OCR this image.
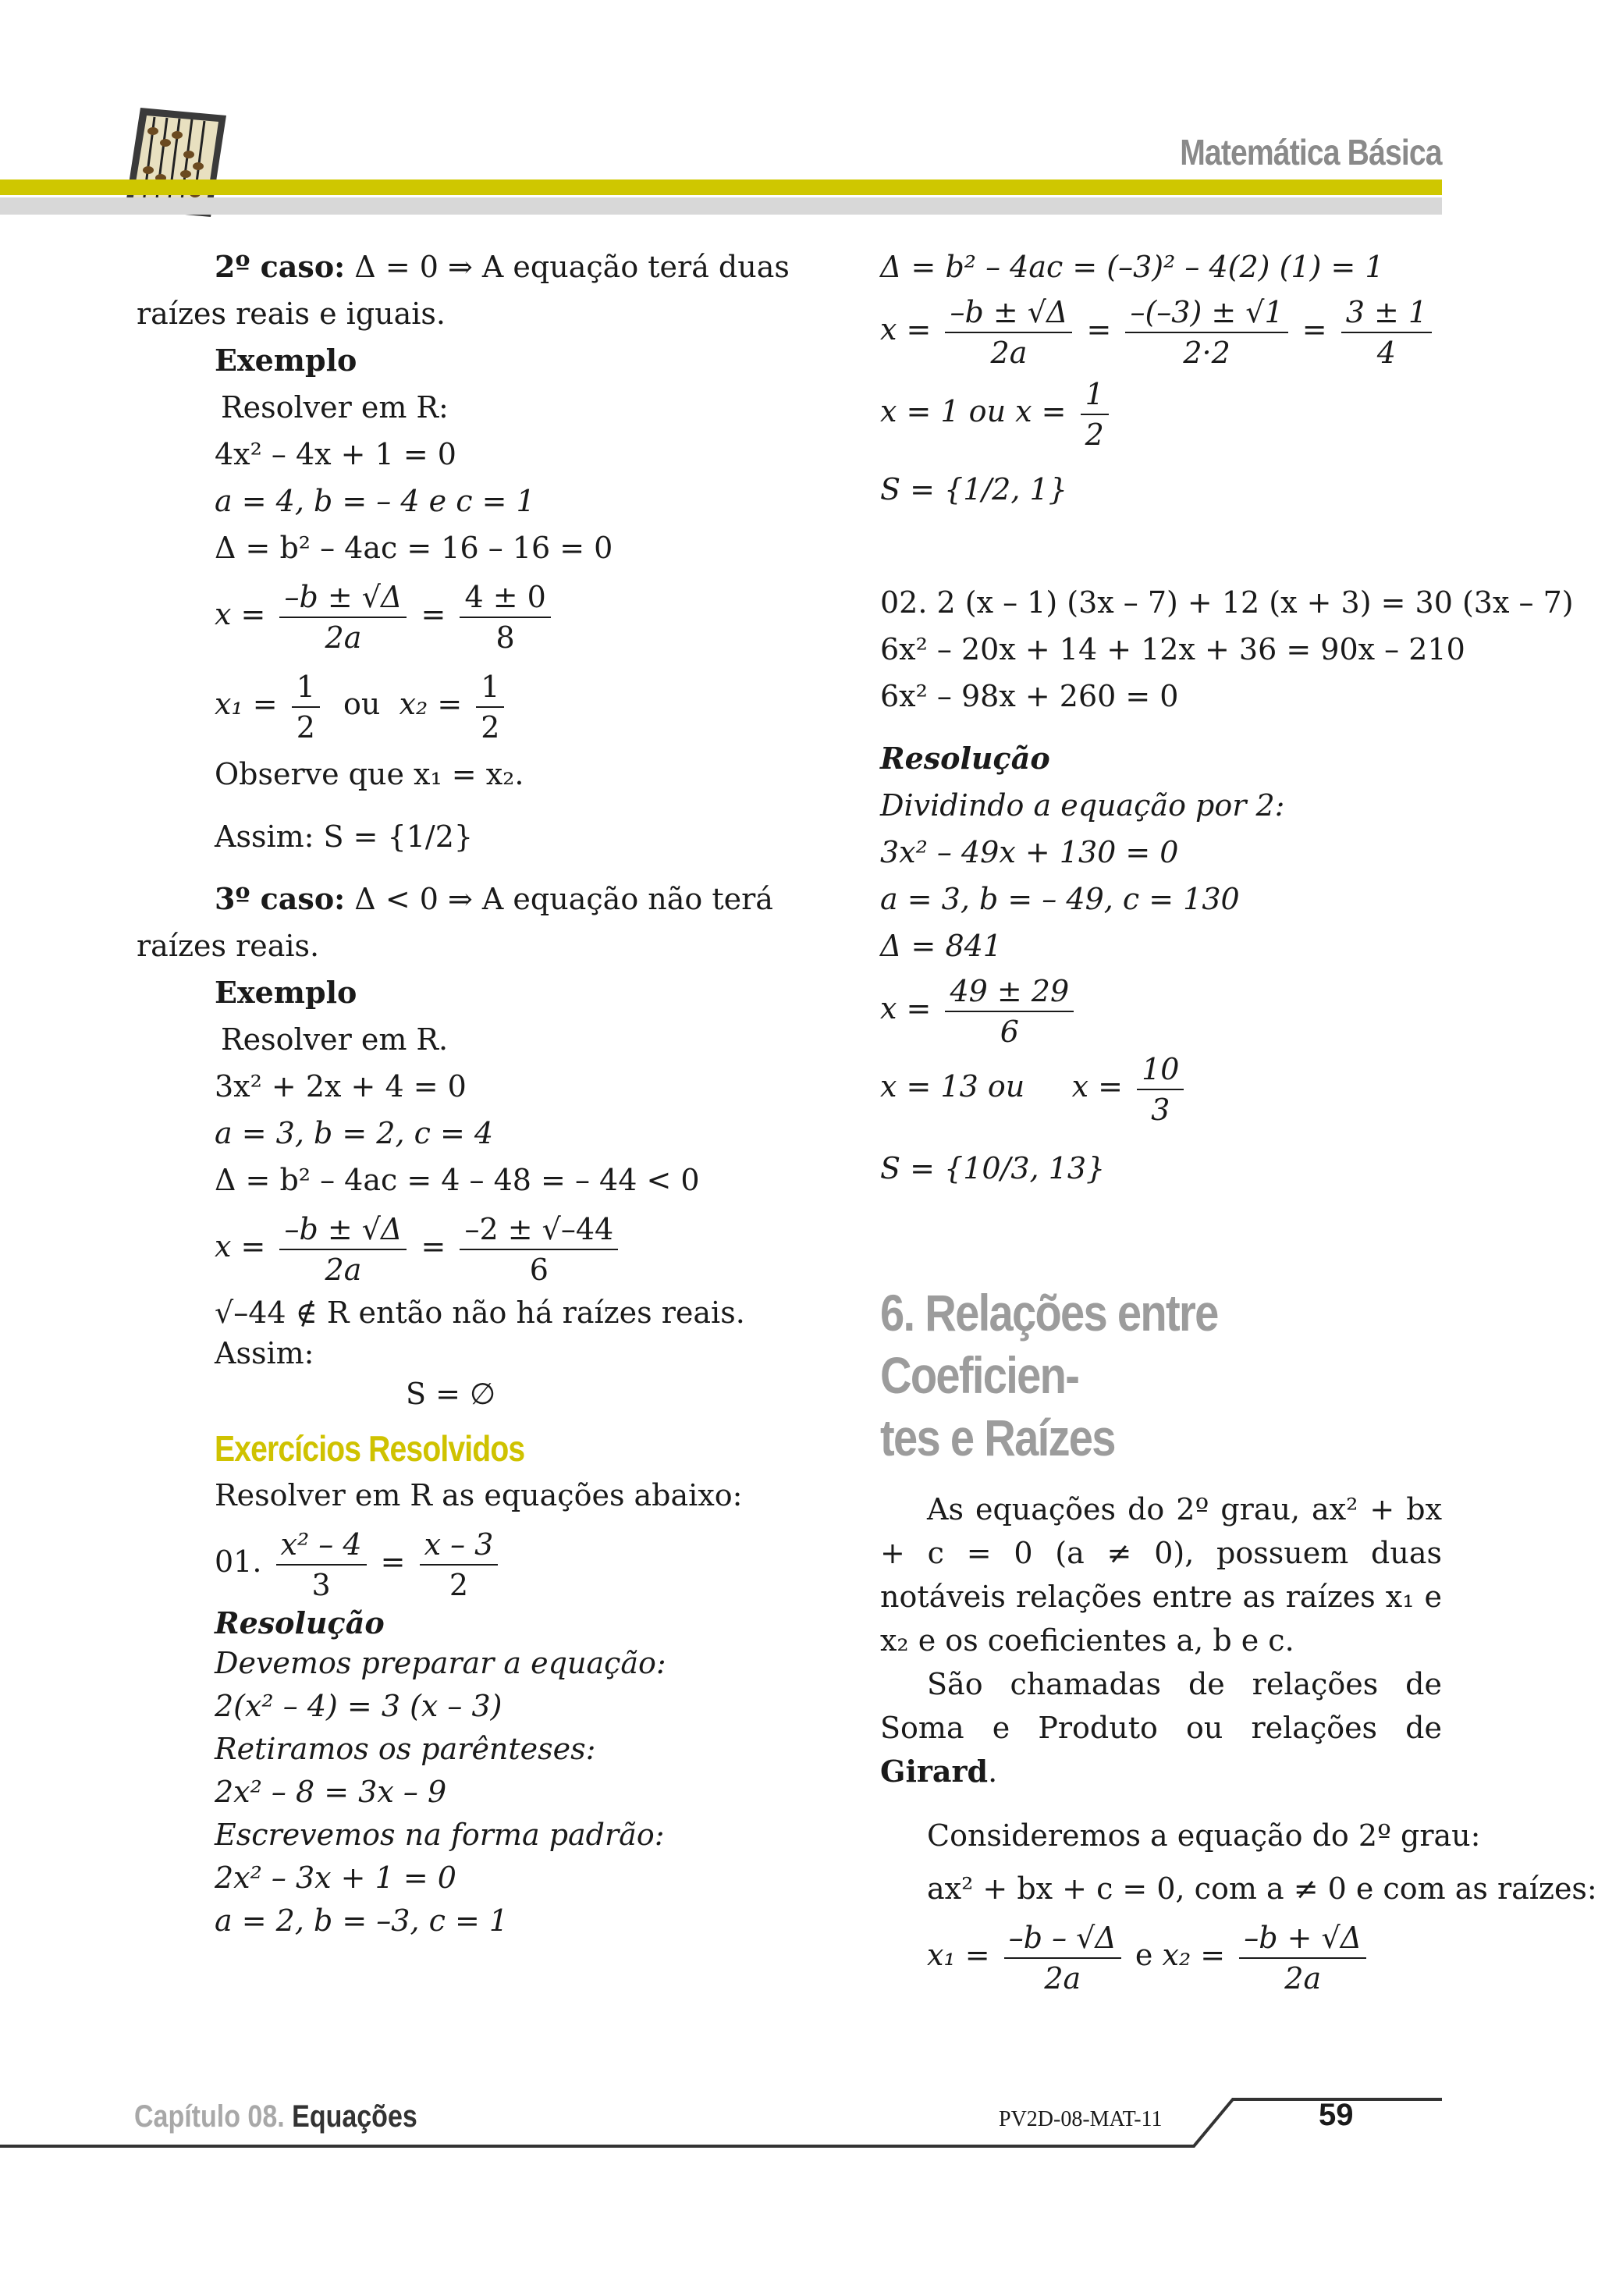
Matemática Básica

2º caso: Δ = 0 ⇒ A equação terá duas

raízes reais e iguais.

Exemplo

Resolver em R:

4x² – 4x + 1 = 0

a = 4, b = – 4 e c = 1

Δ = b² – 4ac = 16 – 16 = 0

$x = \frac{-b \pm √\Delta}{2a} = \frac{4 \pm 0}{8}$

$x_1 = \frac{1}{2}$ ou $x_2 = \frac{1}{2}$

Observe que x₁ = x₂.

Assim: S = {1/2}

3º caso: Δ < 0 ⇒ A equação não terá

raízes reais.

Exemplo

Resolver em R.

3x² + 2x + 4 = 0

a = 3, b = 2, c = 4

Δ = b² – 4ac = 4 – 48 = – 44 < 0

$x = \frac{-b \pm √\Delta}{2a} = \frac{-2 \pm √-44}{6}$

√–44 ∉ R então não há raízes reais.

Assim:

S = ∅

Exercícios Resolvidos

Resolver em R as equações abaixo:

01. $\frac{\text{x² – 4}}{3} = \frac{x - 3}{2}$

Resolução

Devemos preparar a equação:

2(x² – 4) = 3 (x – 3)

Retiramos os parênteses:

2x² – 8 = 3x – 9

Escrevemos na forma padrão:

2x² – 3x + 1 = 0

a = 2, b = –3, c = 1

Δ = b² – 4ac = (–3)² – 4(2) (1) = 1

$x = \frac{-b \pm √\Delta}{2a} = \frac{-(-3) \pm √1}{2\cdot 2} = \frac{3 \pm 1}{4}$

x = 1 ou $x = \frac{1}{2}$

S = {1/2, 1}

02. 2 (x – 1) (3x – 7) + 12 (x + 3) = 30 (3x – 7)

6x² – 20x + 14 + 12x + 36 = 90x – 210

6x² – 98x + 260 = 0

Resolução

Dividindo a equação por 2:

3x² – 49x + 130 = 0

a = 3, b = – 49, c = 130

Δ = 841

$x = \frac{49 \pm 29}{6}$

x = 13 ou $x = \frac{10}{3}$

S = {10/3, 13}

6. Relações entre Coeficien-
tes e Raízes

As equações do 2º grau, ax² + bx + c = 0 (a ≠ 0), possuem duas notáveis relações entre as raízes x₁ e x₂ e os coeficientes a, b e c.

São chamadas de relações de Soma e Produto ou relações de Girard.

Consideremos a equação do 2º grau:

ax² + bx + c = 0, com a ≠ 0 e com as raízes:

$x_1 = \frac{-b - √\Delta}{2a}$ e $x_2 = \frac{-b + √\Delta}{2a}$

Capítulo 08. Equações	PV2D-08-MAT-11	59
